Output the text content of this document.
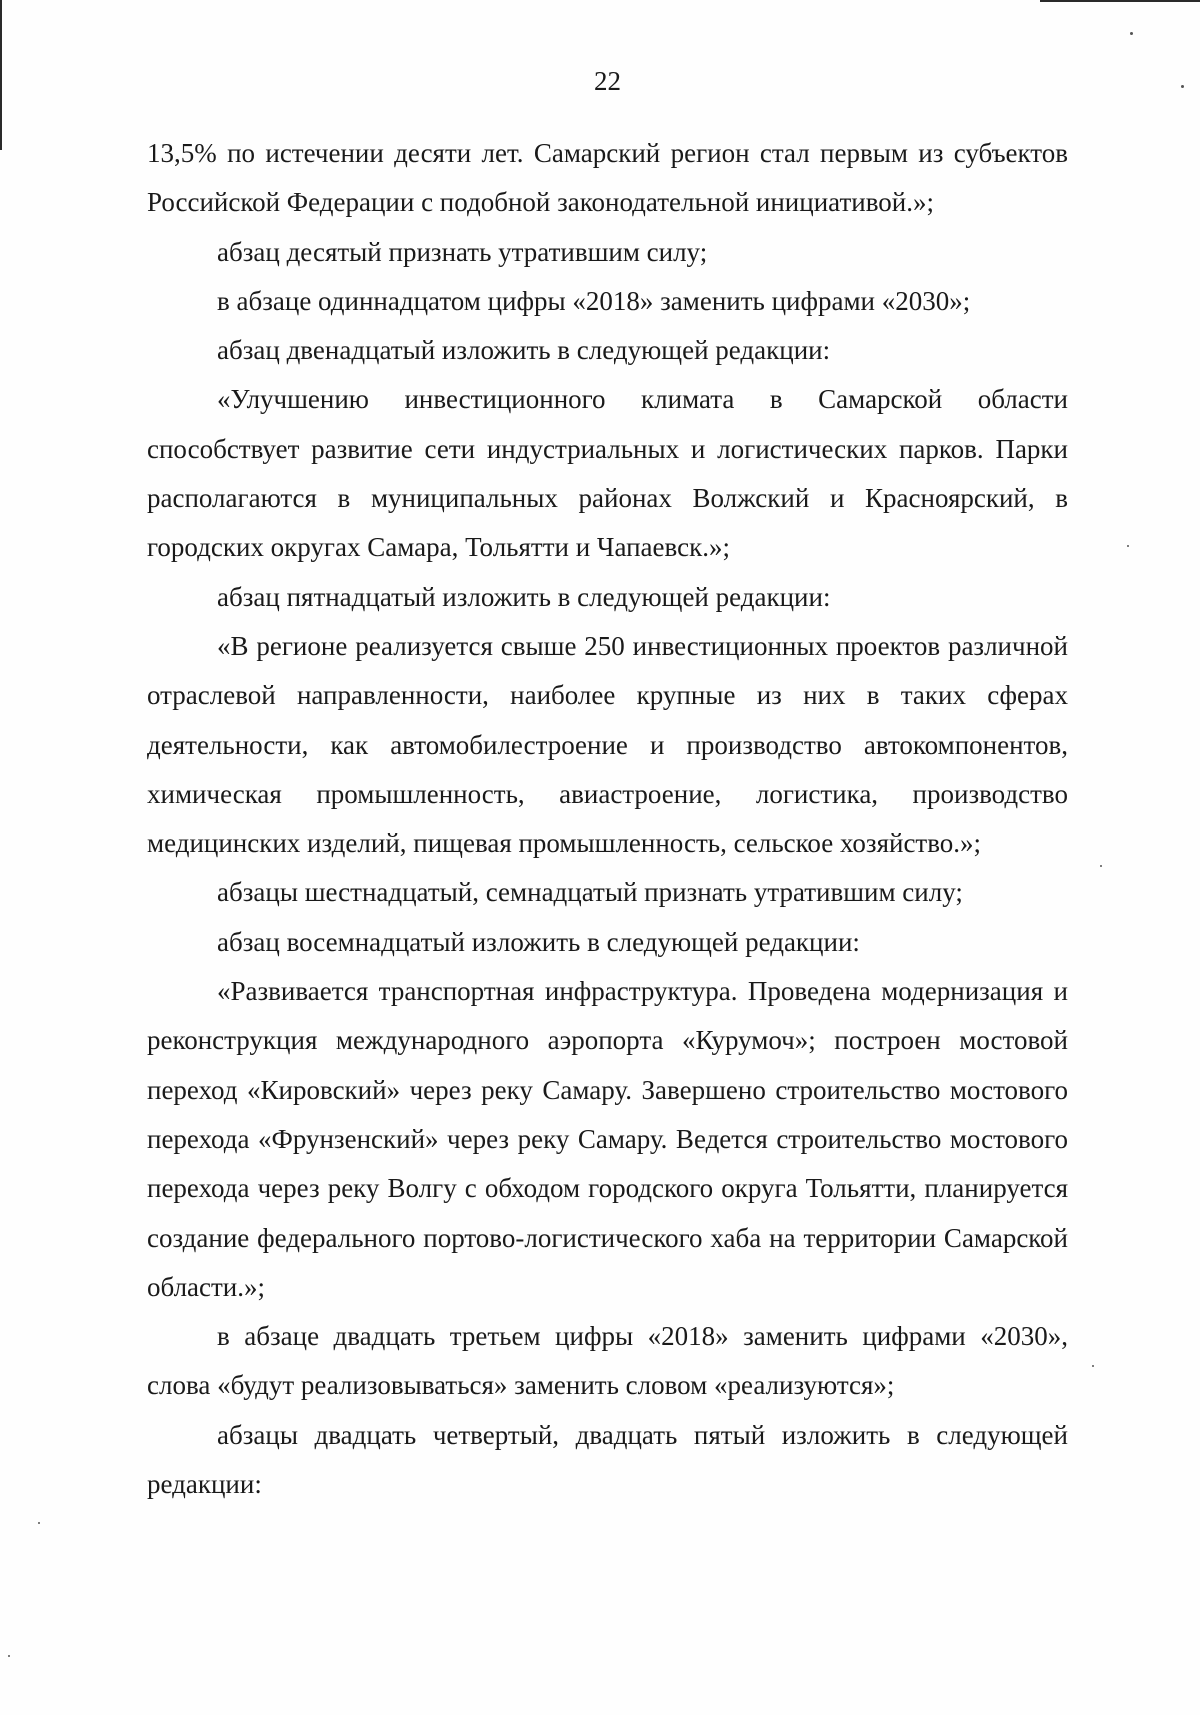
22

13,5% по истечении десяти лет. Самарский регион стал первым из субъектов Российской Федерации с подобной законодательной инициативой.»;

абзац десятый признать утратившим силу;

в абзаце одиннадцатом цифры «2018» заменить цифрами «2030»;

абзац двенадцатый изложить в следующей редакции:

«Улучшению инвестиционного климата в Самарской области способствует развитие сети индустриальных и логистических парков. Парки располагаются в муниципальных районах Волжский и Красноярский, в городских округах Самара, Тольятти и Чапаевск.»;

абзац пятнадцатый изложить в следующей редакции:

«В регионе реализуется свыше 250 инвестиционных проектов различной отраслевой направленности, наиболее крупные из них в таких сферах деятельности, как автомобилестроение и производство автокомпонентов, химическая промышленность, авиастроение, логистика, производство медицинских изделий, пищевая промышленность, сельское хозяйство.»;

абзацы шестнадцатый, семнадцатый признать утратившим силу;

абзац восемнадцатый изложить в следующей редакции:

«Развивается транспортная инфраструктура. Проведена модернизация и реконструкция международного аэропорта «Курумоч»; построен мостовой переход «Кировский» через реку Самару. Завершено строительство мостового перехода «Фрунзенский» через реку Самару. Ведется строительство мостового перехода через реку Волгу с обходом городского округа Тольятти, планируется создание федерального портово-логистического хаба на территории Самарской области.»;

в абзаце двадцать третьем цифры «2018» заменить цифрами «2030», слова «будут реализовываться» заменить словом «реализуются»;

абзацы двадцать четвертый, двадцать пятый изложить в следующей редакции:
